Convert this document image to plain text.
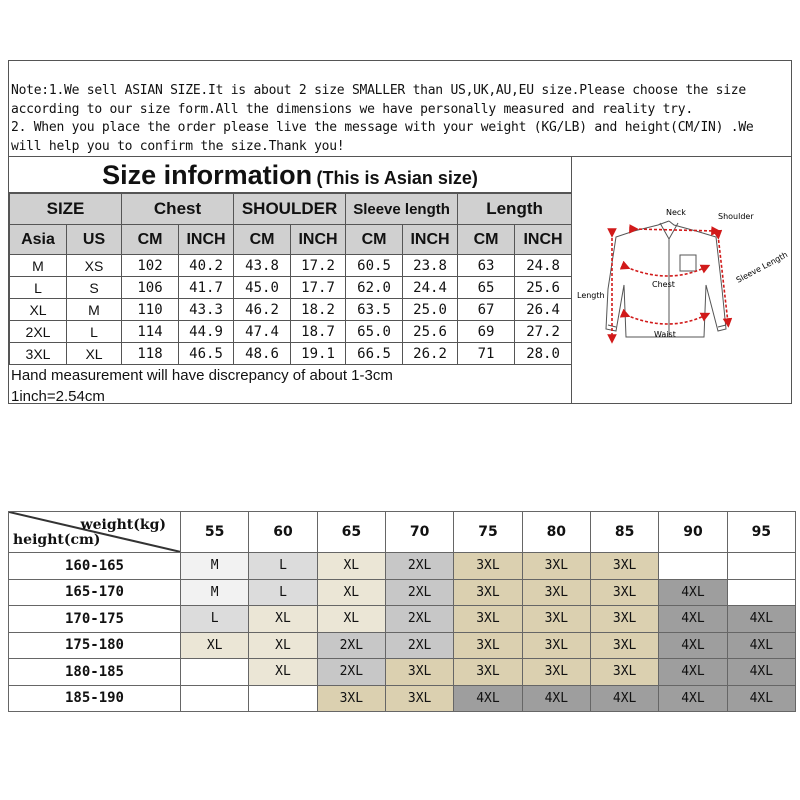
Note:1.We sell ASIAN SIZE.It is about 2 size SMALLER than US,UK,AU,EU size.Please choose the size
according to our size form.All the dimensions we have personally measured and reality try.
2. When you place the order please live the message with your weight (KG/LB) and height(CM/IN) .We
will help you to confirm the size.Thank you!
Size information (This is Asian size)
SIZE		Chest		SHOULDER		Sleeve length		Length	
Asia	US	CM	INCH	CM	INCH	CM	INCH	CM	INCH
M	XS	102	40.2	43.8	17.2	60.5	23.8	63	24.8
L	S	106	41.7	45.0	17.7	62.0	24.4	65	25.6
XL	M	110	43.3	46.2	18.2	63.5	25.0	67	26.4
2XL	L	114	44.9	47.4	18.7	65.0	25.6	69	27.2
3XL	XL	118	46.5	48.6	19.1	66.5	26.2	71	28.0
Hand measurement will have discrepancy of about 1-3cm
1inch=2.54cm
Neck	Shoulder
Chest	Sleeve Length
Length
Waist
weight(kg)
height(cm)	55	60	65	70	75	80	85	90	95
160-165	M	L	XL	2XL	3XL	3XL	3XL		
165-170	M	L	XL	2XL	3XL	3XL	3XL	4XL	
170-175	L	XL	XL	2XL	3XL	3XL	3XL	4XL	4XL
175-180	XL	XL	2XL	2XL	3XL	3XL	3XL	4XL	4XL
180-185		XL	2XL	3XL	3XL	3XL	3XL	4XL	4XL
185-190			3XL	3XL	4XL	4XL	4XL	4XL	4XL
